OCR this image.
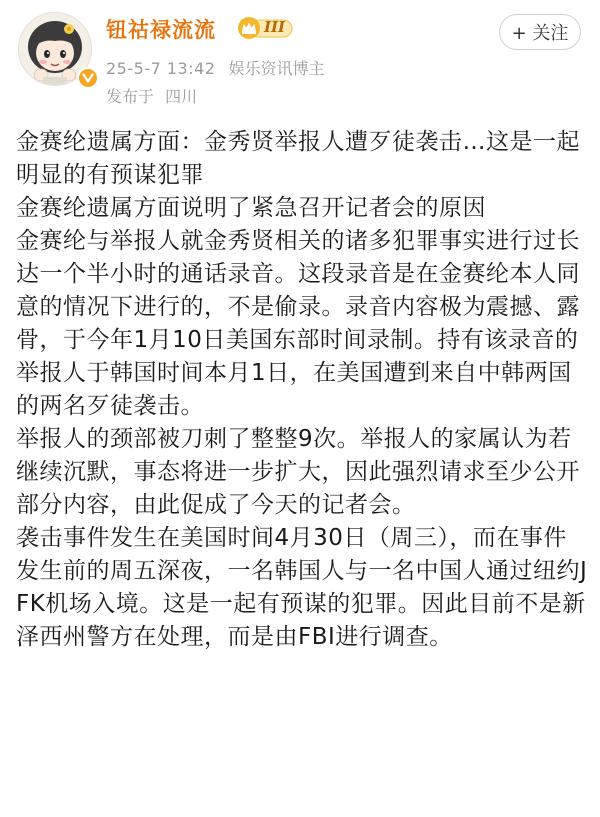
钮祜禄流流	III	+ 关注
25-5-7 13:42 娱乐资讯博主
发布于 四川

金赛纶遗属方面：金秀贤举报人遭歹徒袭击…这是一起明显的有预谋犯罪

金赛纶遗属方面说明了紧急召开记者会的原因

金赛纶与举报人就金秀贤相关的诸多犯罪事实进行过长达一个半小时的通话录音。这段录音是在金赛纶本人同意的情况下进行的，不是偷录。录音内容极为震撼、露骨，于今年1月10日美国东部时间录制。持有该录音的举报人于韩国时间本月1日，在美国遭到来自中韩两国的两名歹徒袭击。

举报人的颈部被刀刺了整整9次。举报人的家属认为若继续沉默，事态将进一步扩大，因此强烈请求至少公开部分内容，由此促成了今天的记者会。

袭击事件发生在美国时间4月30日（周三），而在事件发生前的周五深夜，一名韩国人与一名中国人通过纽约JFK机场入境。这是一起有预谋的犯罪。因此目前不是新泽西州警方在处理，而是由FBI进行调查。
